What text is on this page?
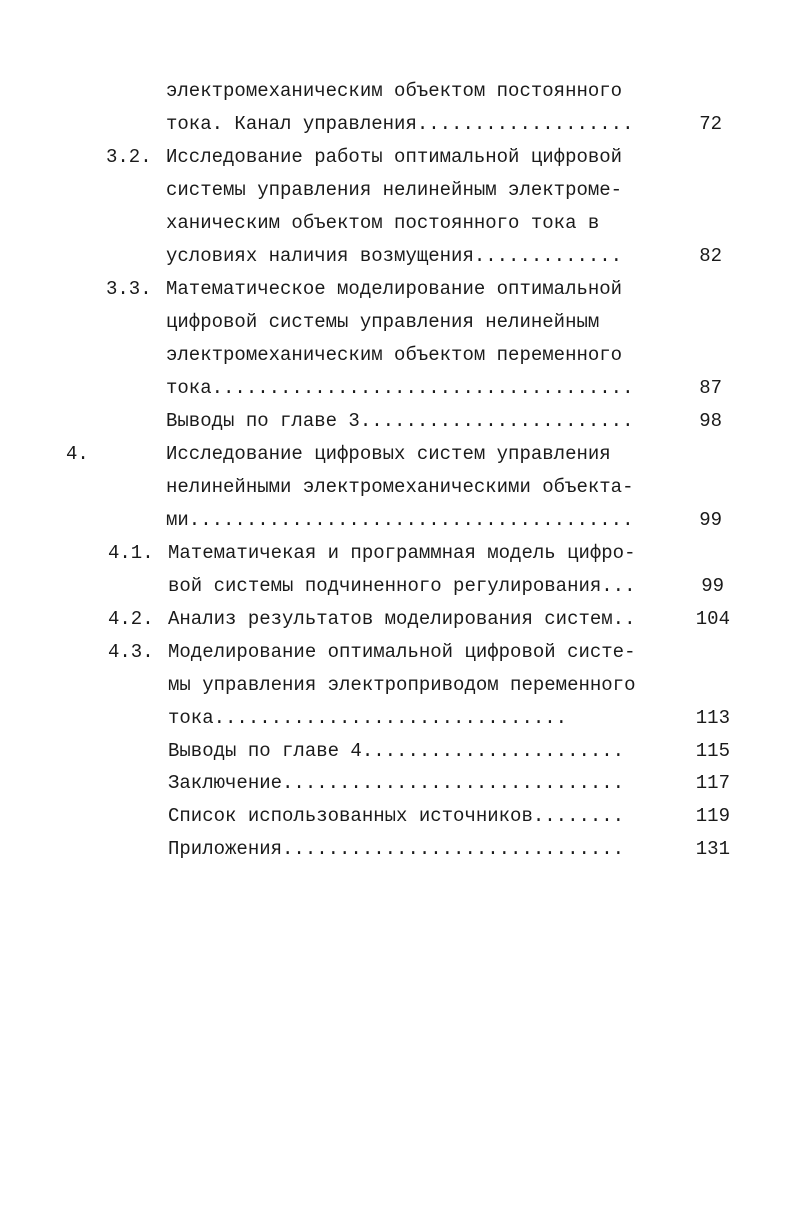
электромеханическим объектом постоянного
тока. Канал управления...................	72
3.2. Исследование работы оптимальной цифровой
системы управления нелинейным электроме-
ханическим объектом постоянного тока в
условиях наличия возмущения.............	82
3.3. Математическое моделирование оптимальной
цифровой системы управления нелинейным
электромеханическим объектом переменного
тока.....................................	87
Выводы по главе 3........................	98
4.	Исследование цифровых систем управления
нелинейными электромеханическими объекта-
ми.......................................	99
4.1. Математичекая и программная модель цифро-
вой системы подчиненного регулирования...	99
4.2. Анализ результатов моделирования систем..	104
4.3. Моделирование оптимальной цифровой систе-
мы управления электроприводом переменного
тока...............................	113
Выводы по главе 4.......................	115
Заключение..............................	117
Список использованных источников........	119
Приложения..............................	131
